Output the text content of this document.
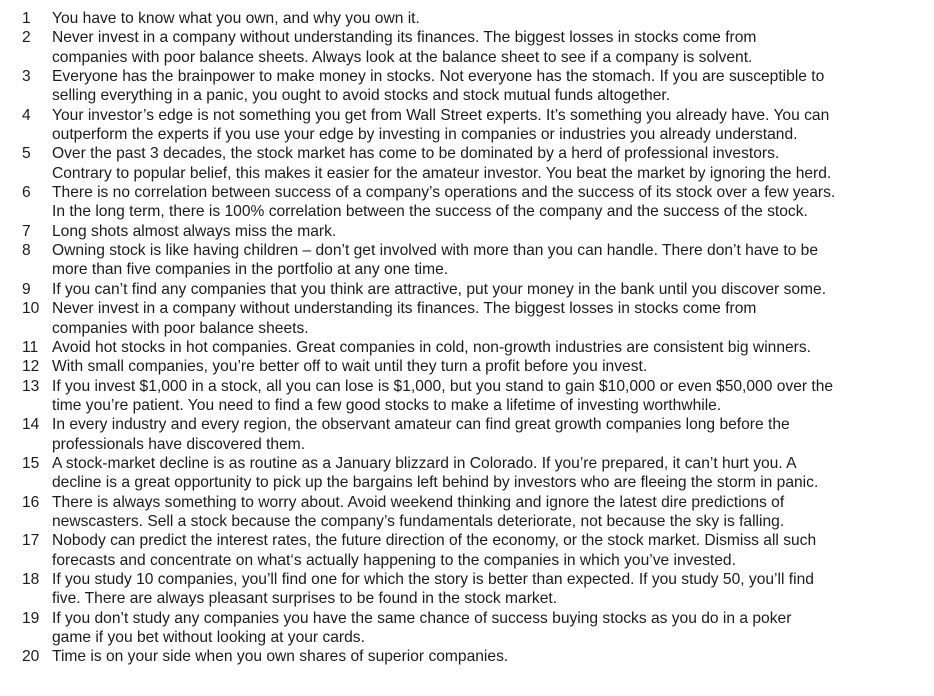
1 You have to know what you own, and why you own it.
2 Never invest in a company without understanding its finances. The biggest losses in stocks come from
companies with poor balance sheets. Always look at the balance sheet to see if a company is solvent.
3 Everyone has the brainpower to make money in stocks. Not everyone has the stomach. If you are susceptible to
selling everything in a panic, you ought to avoid stocks and stock mutual funds altogether.
4 Your investor’s edge is not something you get from Wall Street experts. It’s something you already have. You can
outperform the experts if you use your edge by investing in companies or industries you already understand.
5 Over the past 3 decades, the stock market has come to be dominated by a herd of professional investors.
Contrary to popular belief, this makes it easier for the amateur investor. You beat the market by ignoring the herd.
6 There is no correlation between success of a company’s operations and the success of its stock over a few years.
In the long term, there is 100% correlation between the success of the company and the success of the stock.
7 Long shots almost always miss the mark.
8 Owning stock is like having children – don’t get involved with more than you can handle. There don’t have to be
more than five companies in the portfolio at any one time.
9 If you can’t find any companies that you think are attractive, put your money in the bank until you discover some.
10 Never invest in a company without understanding its finances. The biggest losses in stocks come from
companies with poor balance sheets.
11 Avoid hot stocks in hot companies. Great companies in cold, non-growth industries are consistent big winners.
12 With small companies, you’re better off to wait until they turn a profit before you invest.
13 If you invest $1,000 in a stock, all you can lose is $1,000, but you stand to gain $10,000 or even $50,000 over the
time you’re patient. You need to find a few good stocks to make a lifetime of investing worthwhile.
14 In every industry and every region, the observant amateur can find great growth companies long before the
professionals have discovered them.
15 A stock-market decline is as routine as a January blizzard in Colorado. If you’re prepared, it can’t hurt you. A
decline is a great opportunity to pick up the bargains left behind by investors who are fleeing the storm in panic.
16 There is always something to worry about. Avoid weekend thinking and ignore the latest dire predictions of
newscasters. Sell a stock because the company’s fundamentals deteriorate, not because the sky is falling.
17 Nobody can predict the interest rates, the future direction of the economy, or the stock market. Dismiss all such
forecasts and concentrate on what‘s actually happening to the companies in which you’ve invested.
18 If you study 10 companies, you’ll find one for which the story is better than expected. If you study 50, you’ll find
five. There are always pleasant surprises to be found in the stock market.
19 If you don’t study any companies you have the same chance of success buying stocks as you do in a poker
game if you bet without looking at your cards.
20 Time is on your side when you own shares of superior companies.
